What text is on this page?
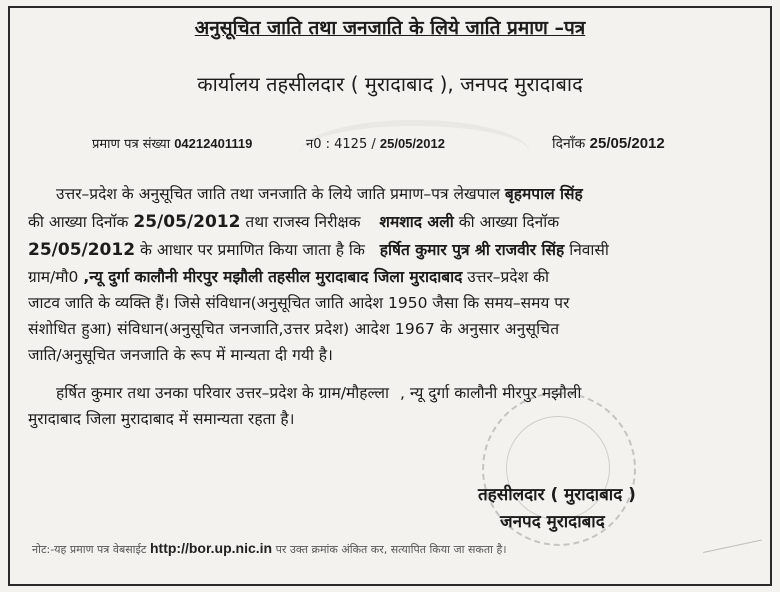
अनुसूचित जाति तथा जनजाति के लिये जाति प्रमाण –पत्र
कार्यालय तहसीलदार ( मुरादाबाद ), जनपद मुरादाबाद
प्रमाण पत्र संख्या 04212401119	न0 : 4125 / 25/05/2012	दिनाँक 25/05/2012
उत्तर–प्रदेश के अनुसूचित जाति तथा जनजाति के लिये जाति प्रमाण–पत्र लेखपाल बृहमपाल सिंह
की आख्या दिनॉक 25/05/2012 तथा राजस्व निरीक्षक शमशाद अली की आख्या दिनॉक
25/05/2012 के आधार पर प्रमाणित किया जाता है कि हर्षित कुमार पुत्र श्री राजवीर सिंह निवासी
ग्राम/मौ0 ,न्यू दुर्गा कालौनी मीरपुर मझौली तहसील मुरादाबाद जिला मुरादाबाद उत्तर–प्रदेश की
जाटव जाति के व्यक्ति हैं। जिसे संविधान(अनुसूचित जाति आदेश 1950 जैसा कि समय–समय पर
संशोधित हुआ) संविधान(अनुसूचित जनजाति,उत्तर प्रदेश) आदेश 1967 के अनुसार अनुसूचित
जाति/अनुसूचित जनजाति के रूप में मान्यता दी गयी है।
हर्षित कुमार तथा उनका परिवार उत्तर–प्रदेश के ग्राम/मौहल्ला , न्यू दुर्गा कालौनी मीरपुर मझौली
मुरादाबाद जिला मुरादाबाद में समान्यता रहता है।
तहसीलदार ( मुरादाबाद )
जनपद मुरादाबाद
नोट:-यह प्रमाण पत्र वेबसाईट http://bor.up.nic.in पर उक्त क्रमांक अंकित कर, सत्यापित किया जा सकता है।
